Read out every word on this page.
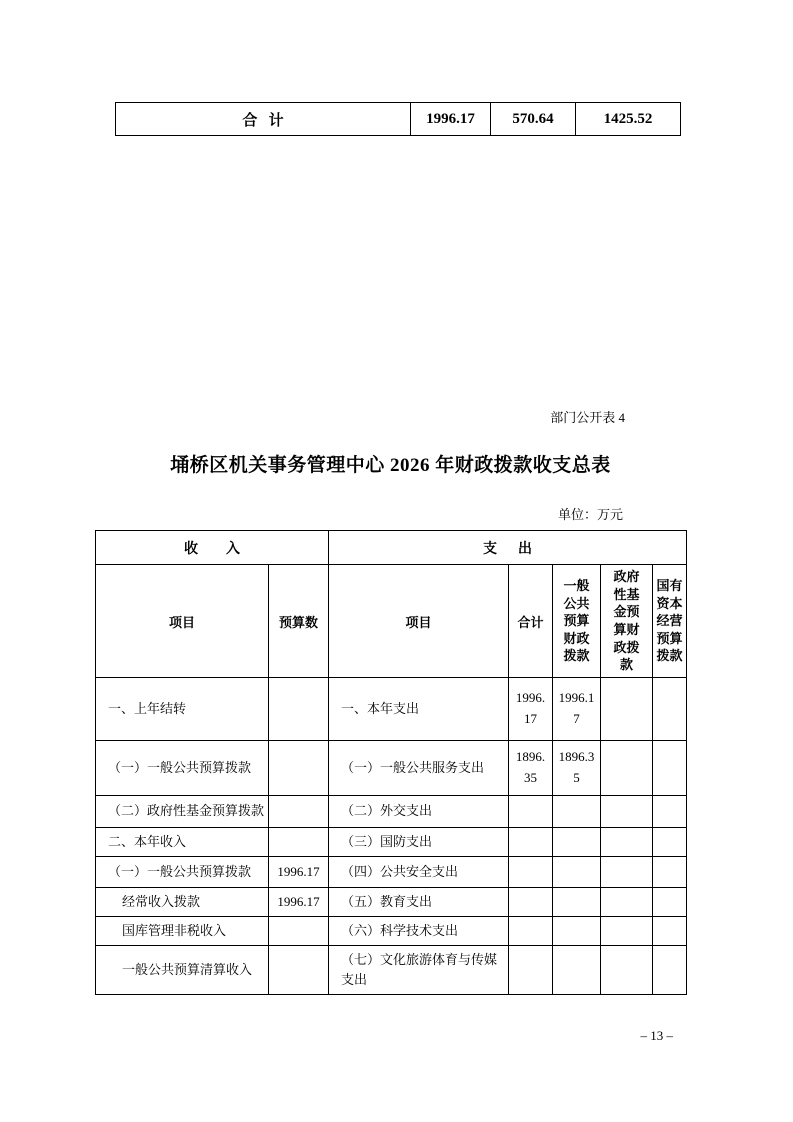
合   计	1996.17	570.64	1425.52
部门公开表 4
埇桥区机关事务管理中心 2026 年财政拨款收支总表
单位：万元
收        入		支      出				
项目	预算数	项目	合计	一般公共预算财政拨款	政府性基金预算财政拨款	国有资本经营预算拨款
一、上年结转		一、本年支出	1996.17	1996.17		
（一）一般公共预算拨款		（一）一般公共服务支出	1896.35	1896.35		
（二）政府性基金预算拨款		（二）外交支出				
二、本年收入		（三）国防支出				
（一）一般公共预算拨款	1996.17	（四）公共安全支出				
经常收入拨款	1996.17	（五）教育支出				
国库管理非税收入		（六）科学技术支出				
一般公共预算清算收入		（七）文化旅游体育与传媒支出				
– 13 –
